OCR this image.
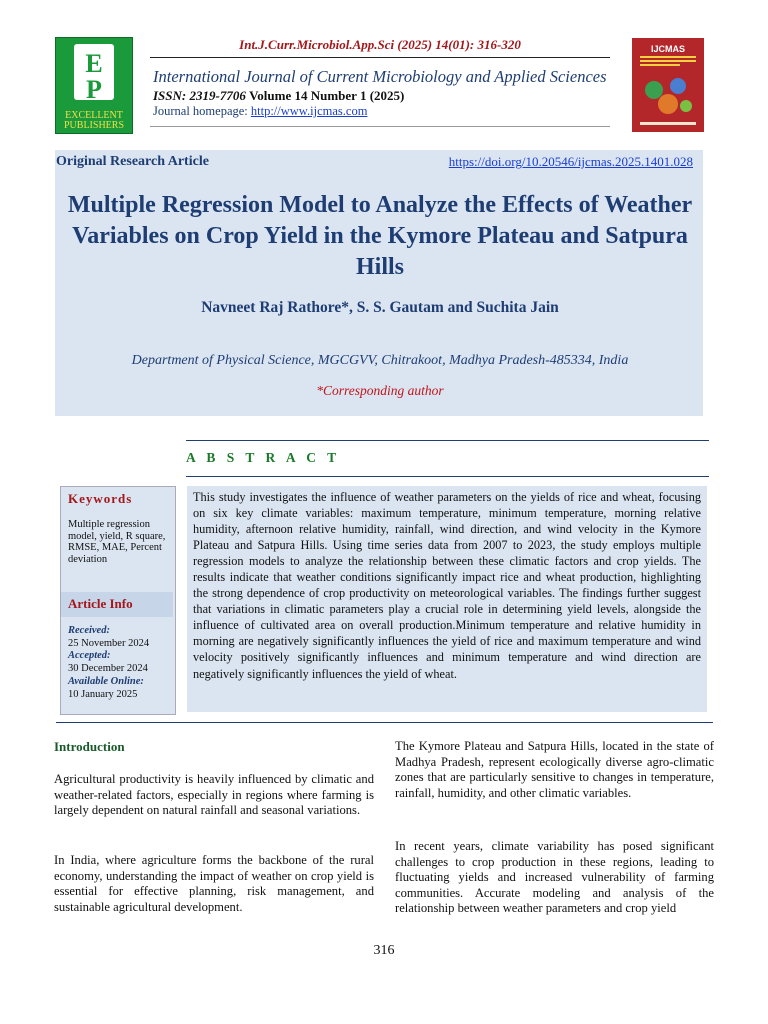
E
P
EXCELLENT PUBLISHERS
Int.J.Curr.Microbiol.App.Sci (2025) 14(01): 316-320
International Journal of Current Microbiology and Applied Sciences
ISSN: 2319-7706 Volume 14 Number 1 (2025)
Journal homepage: http://www.ijcmas.com
IJCMAS
Original Research Article	https://doi.org/10.20546/ijcmas.2025.1401.028
Multiple Regression Model to Analyze the Effects of Weather Variables on Crop Yield in the Kymore Plateau and Satpura Hills
Navneet Raj Rathore*, S. S. Gautam and Suchita Jain
Department of Physical Science, MGCGVV, Chitrakoot, Madhya Pradesh-485334, India
*Corresponding author
A B S T R A C T
Keywords
Multiple regression model, yield, R square, RMSE, MAE, Percent deviation
Article Info
Received:
25 November 2024
Accepted:
30 December 2024
Available Online:
10 January 2025
This study investigates the influence of weather parameters on the yields of rice and wheat, focusing on six key climate variables: maximum temperature, minimum temperature, morning relative humidity, afternoon relative humidity, rainfall, wind direction, and wind velocity in the Kymore Plateau and Satpura Hills. Using time series data from 2007 to 2023, the study employs multiple regression models to analyze the relationship between these climatic factors and crop yields. The results indicate that weather conditions significantly impact rice and wheat production, highlighting the strong dependence of crop productivity on meteorological variables. The findings further suggest that variations in climatic parameters play a crucial role in determining yield levels, alongside the influence of cultivated area on overall production.Minimum temperature and relative humidity in morning are negatively significantly influences the yield of rice and maximum temperature and wind velocity positively significantly influences and minimum temperature and wind direction are negatively significantly influences the yield of wheat.
Introduction
Agricultural productivity is heavily influenced by climatic and weather-related factors, especially in regions where farming is largely dependent on natural rainfall and seasonal variations.
In India, where agriculture forms the backbone of the rural economy, understanding the impact of weather on crop yield is essential for effective planning, risk management, and sustainable agricultural development.
The Kymore Plateau and Satpura Hills, located in the state of Madhya Pradesh, represent ecologically diverse agro-climatic zones that are particularly sensitive to changes in temperature, rainfall, humidity, and other climatic variables.
In recent years, climate variability has posed significant challenges to crop production in these regions, leading to fluctuating yields and increased vulnerability of farming communities. Accurate modeling and analysis of the relationship between weather parameters and crop yield
316
